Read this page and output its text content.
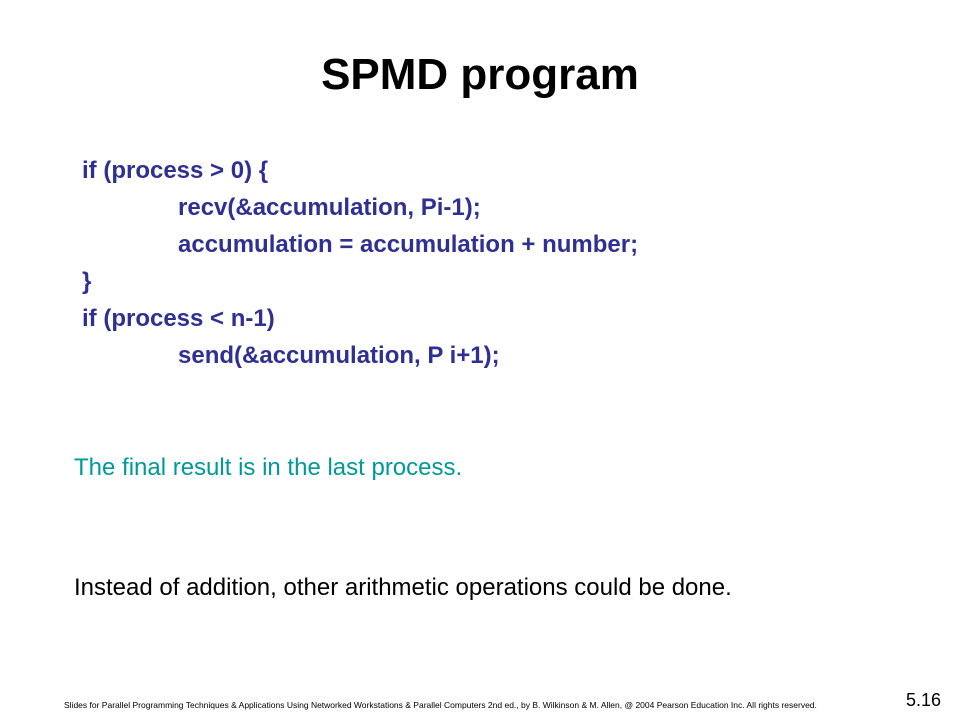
SPMD program
if (process > 0) {
recv(&accumulation, Pi-1);
accumulation = accumulation + number;
}
if (process < n-1)
send(&accumulation, P i+1);
The final result is in the last process.
Instead of addition, other arithmetic operations could be done.
Slides for Parallel Programming Techniques & Applications Using Networked Workstations & Parallel Computers 2nd ed., by B. Wilkinson & M. Allen, @ 2004 Pearson Education Inc. All rights reserved.	5.16
